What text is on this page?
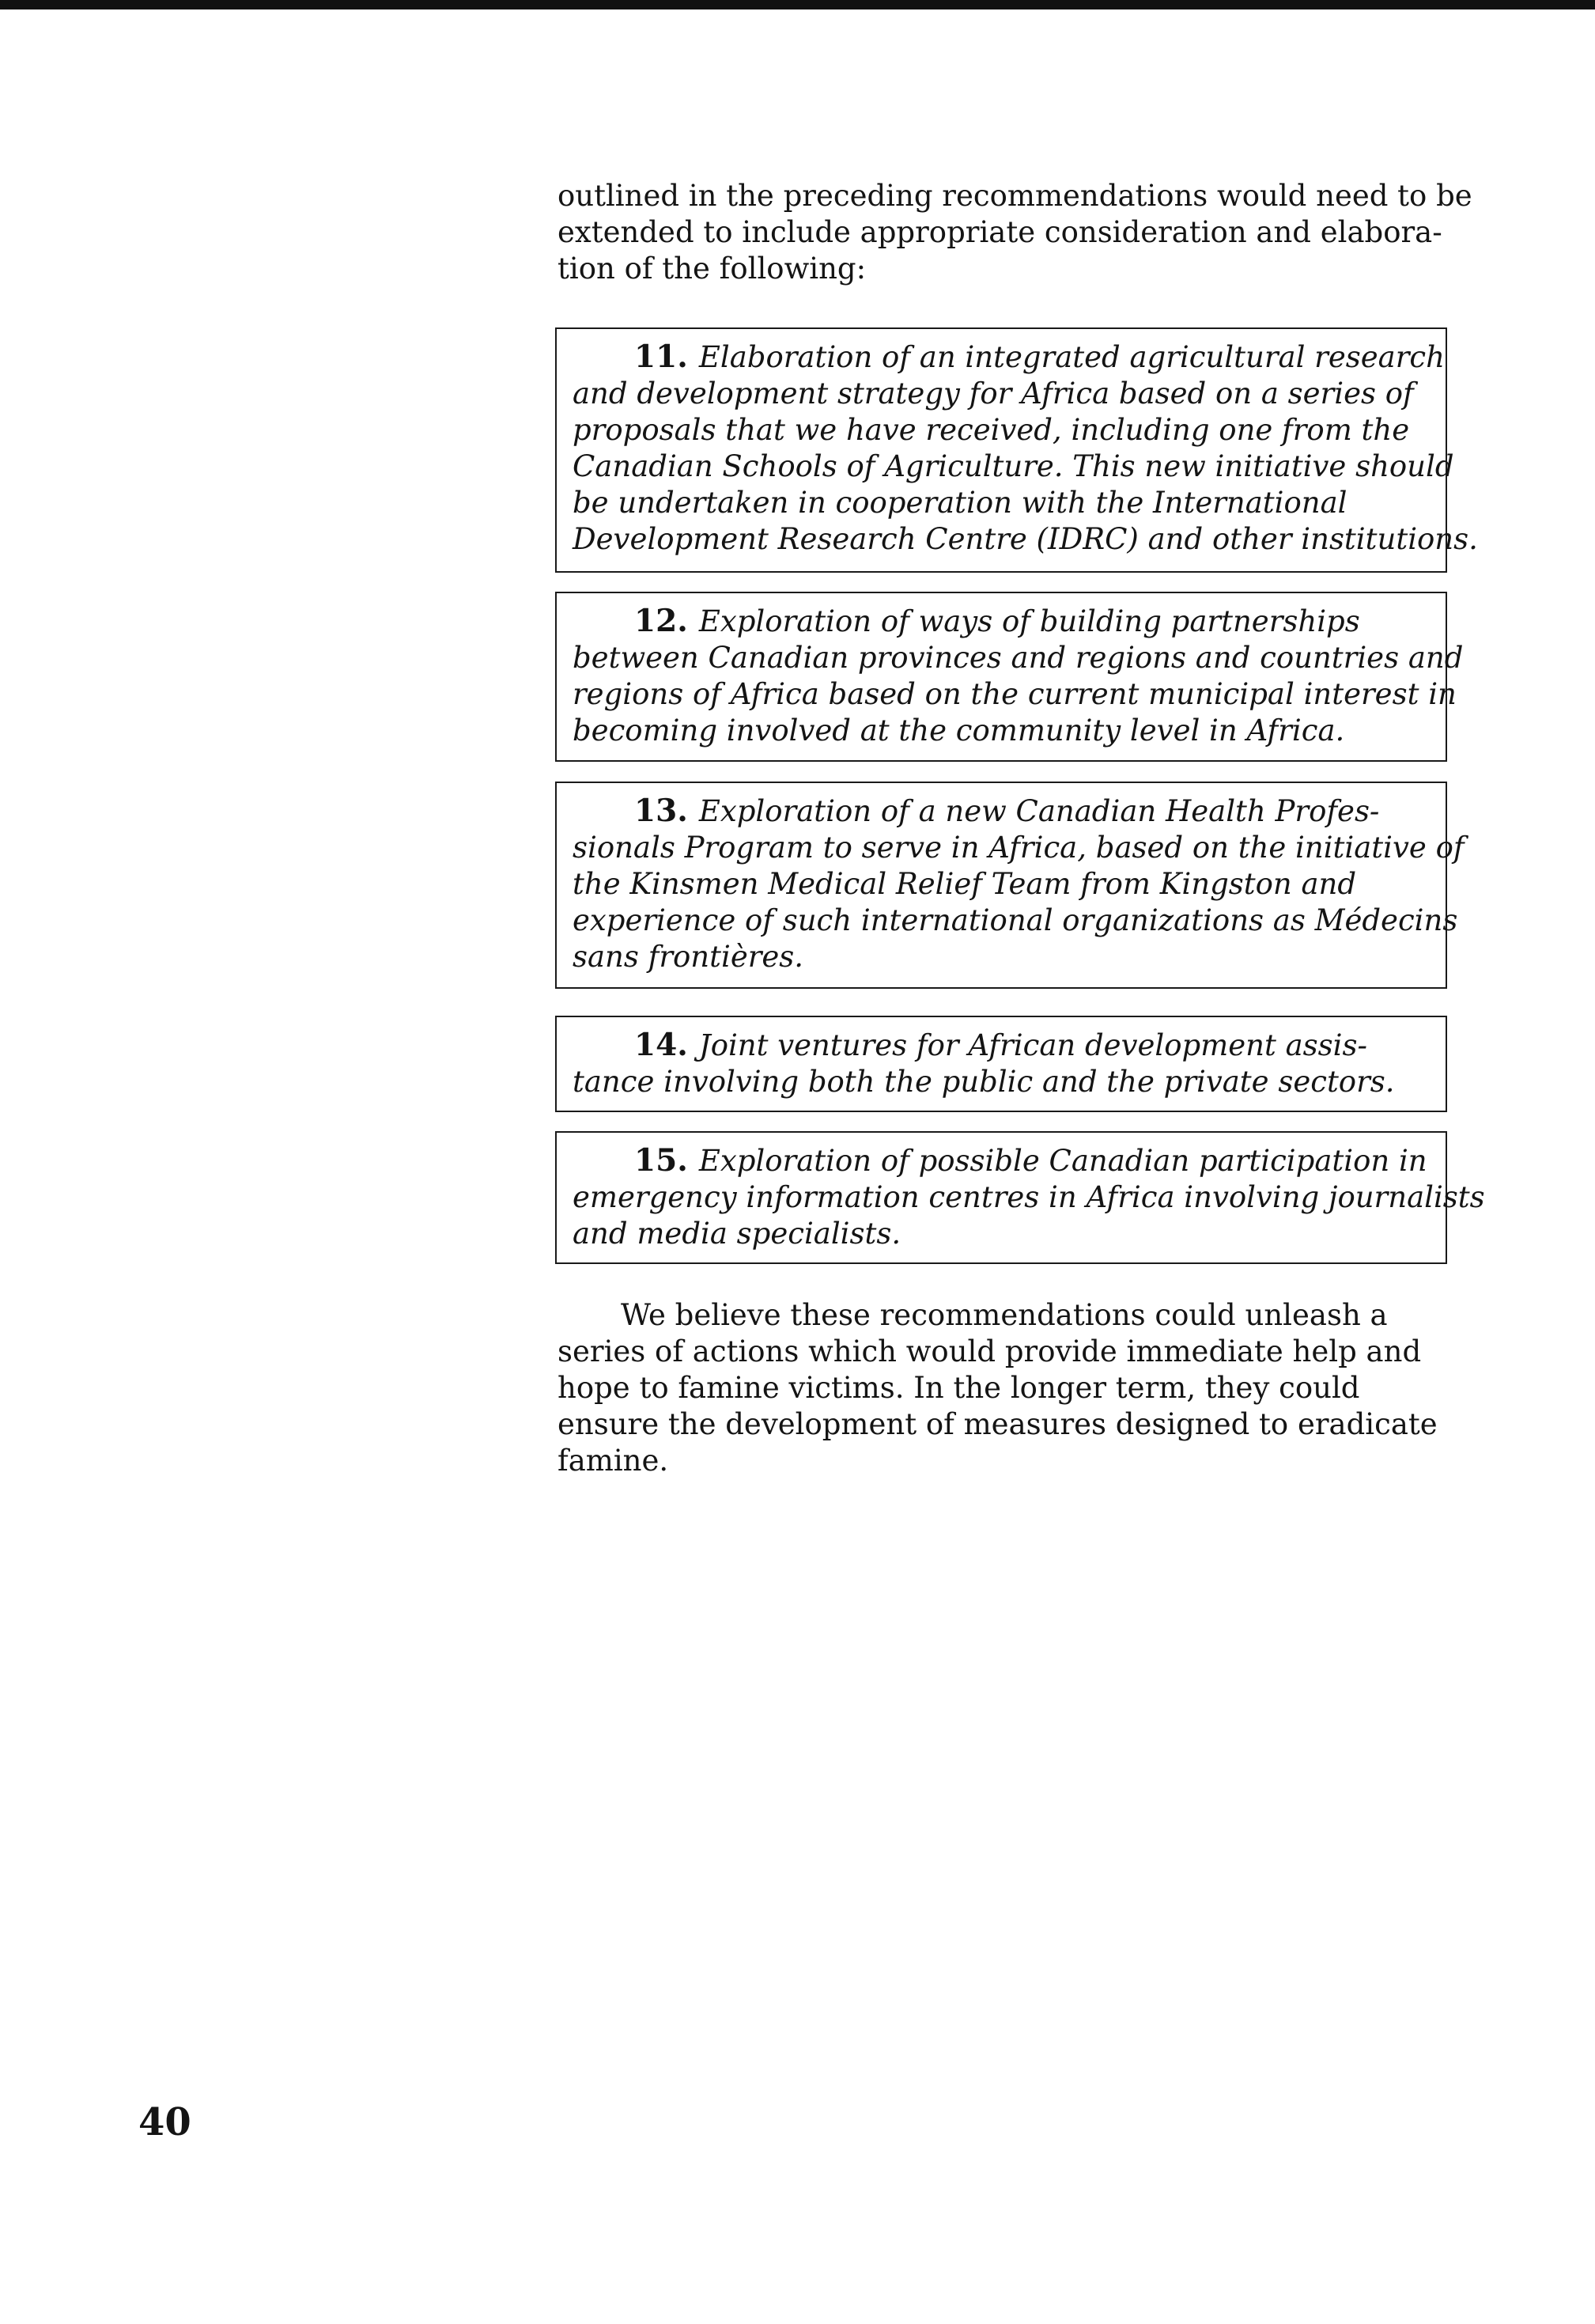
outlined in the preceding recommendations would need to be
extended to include appropriate consideration and elabora-
tion of the following:

11. Elaboration of an integrated agricultural research
and development strategy for Africa based on a series of
proposals that we have received, including one from the
Canadian Schools of Agriculture. This new initiative should
be undertaken in cooperation with the International
Development Research Centre (IDRC) and other institutions.

12. Exploration of ways of building partnerships
between Canadian provinces and regions and countries and
regions of Africa based on the current municipal interest in
becoming involved at the community level in Africa.

13. Exploration of a new Canadian Health Profes-
sionals Program to serve in Africa, based on the initiative of
the Kinsmen Medical Relief Team from Kingston and
experience of such international organizations as Médecins
sans frontières.

14. Joint ventures for African development assis-
tance involving both the public and the private sectors.

15. Exploration of possible Canadian participation in
emergency information centres in Africa involving journalists
and media specialists.

We believe these recommendations could unleash a
series of actions which would provide immediate help and
hope to famine victims. In the longer term, they could
ensure the development of measures designed to eradicate
famine.

40
